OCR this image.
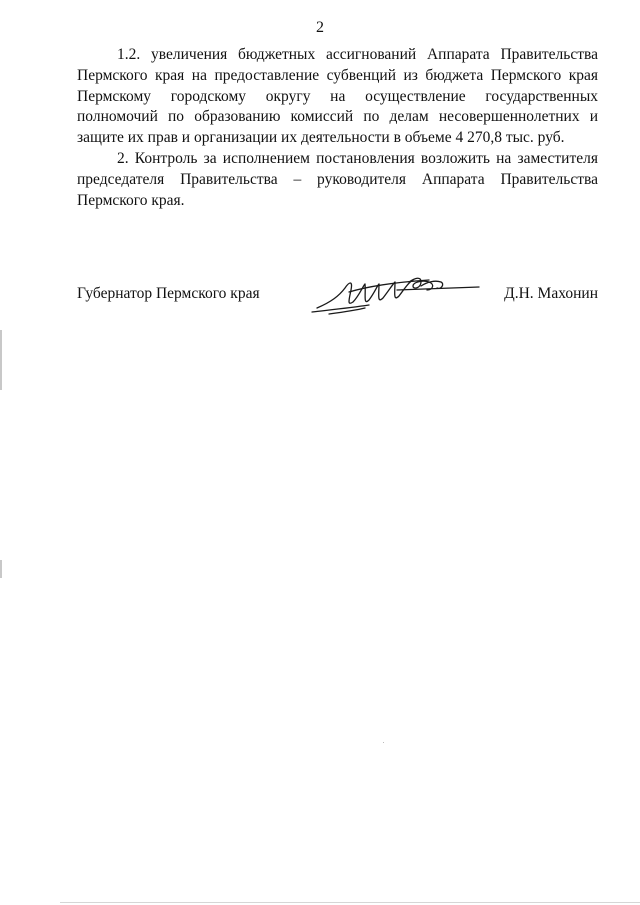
2

1.2. увеличения бюджетных ассигнований Аппарата Правительства Пермского края на предоставление субвенций из бюджета Пермского края Пермскому городскому округу на осуществление государственных полномочий по образованию комиссий по делам несовершеннолетних и защите их прав и организации их деятельности в объеме 4 270,8 тыс. руб.

2. Контроль за исполнением постановления возложить на заместителя председателя Правительства – руководителя Аппарата Правительства Пермского края.

Губернатор Пермского края	Д.Н. Махонин
